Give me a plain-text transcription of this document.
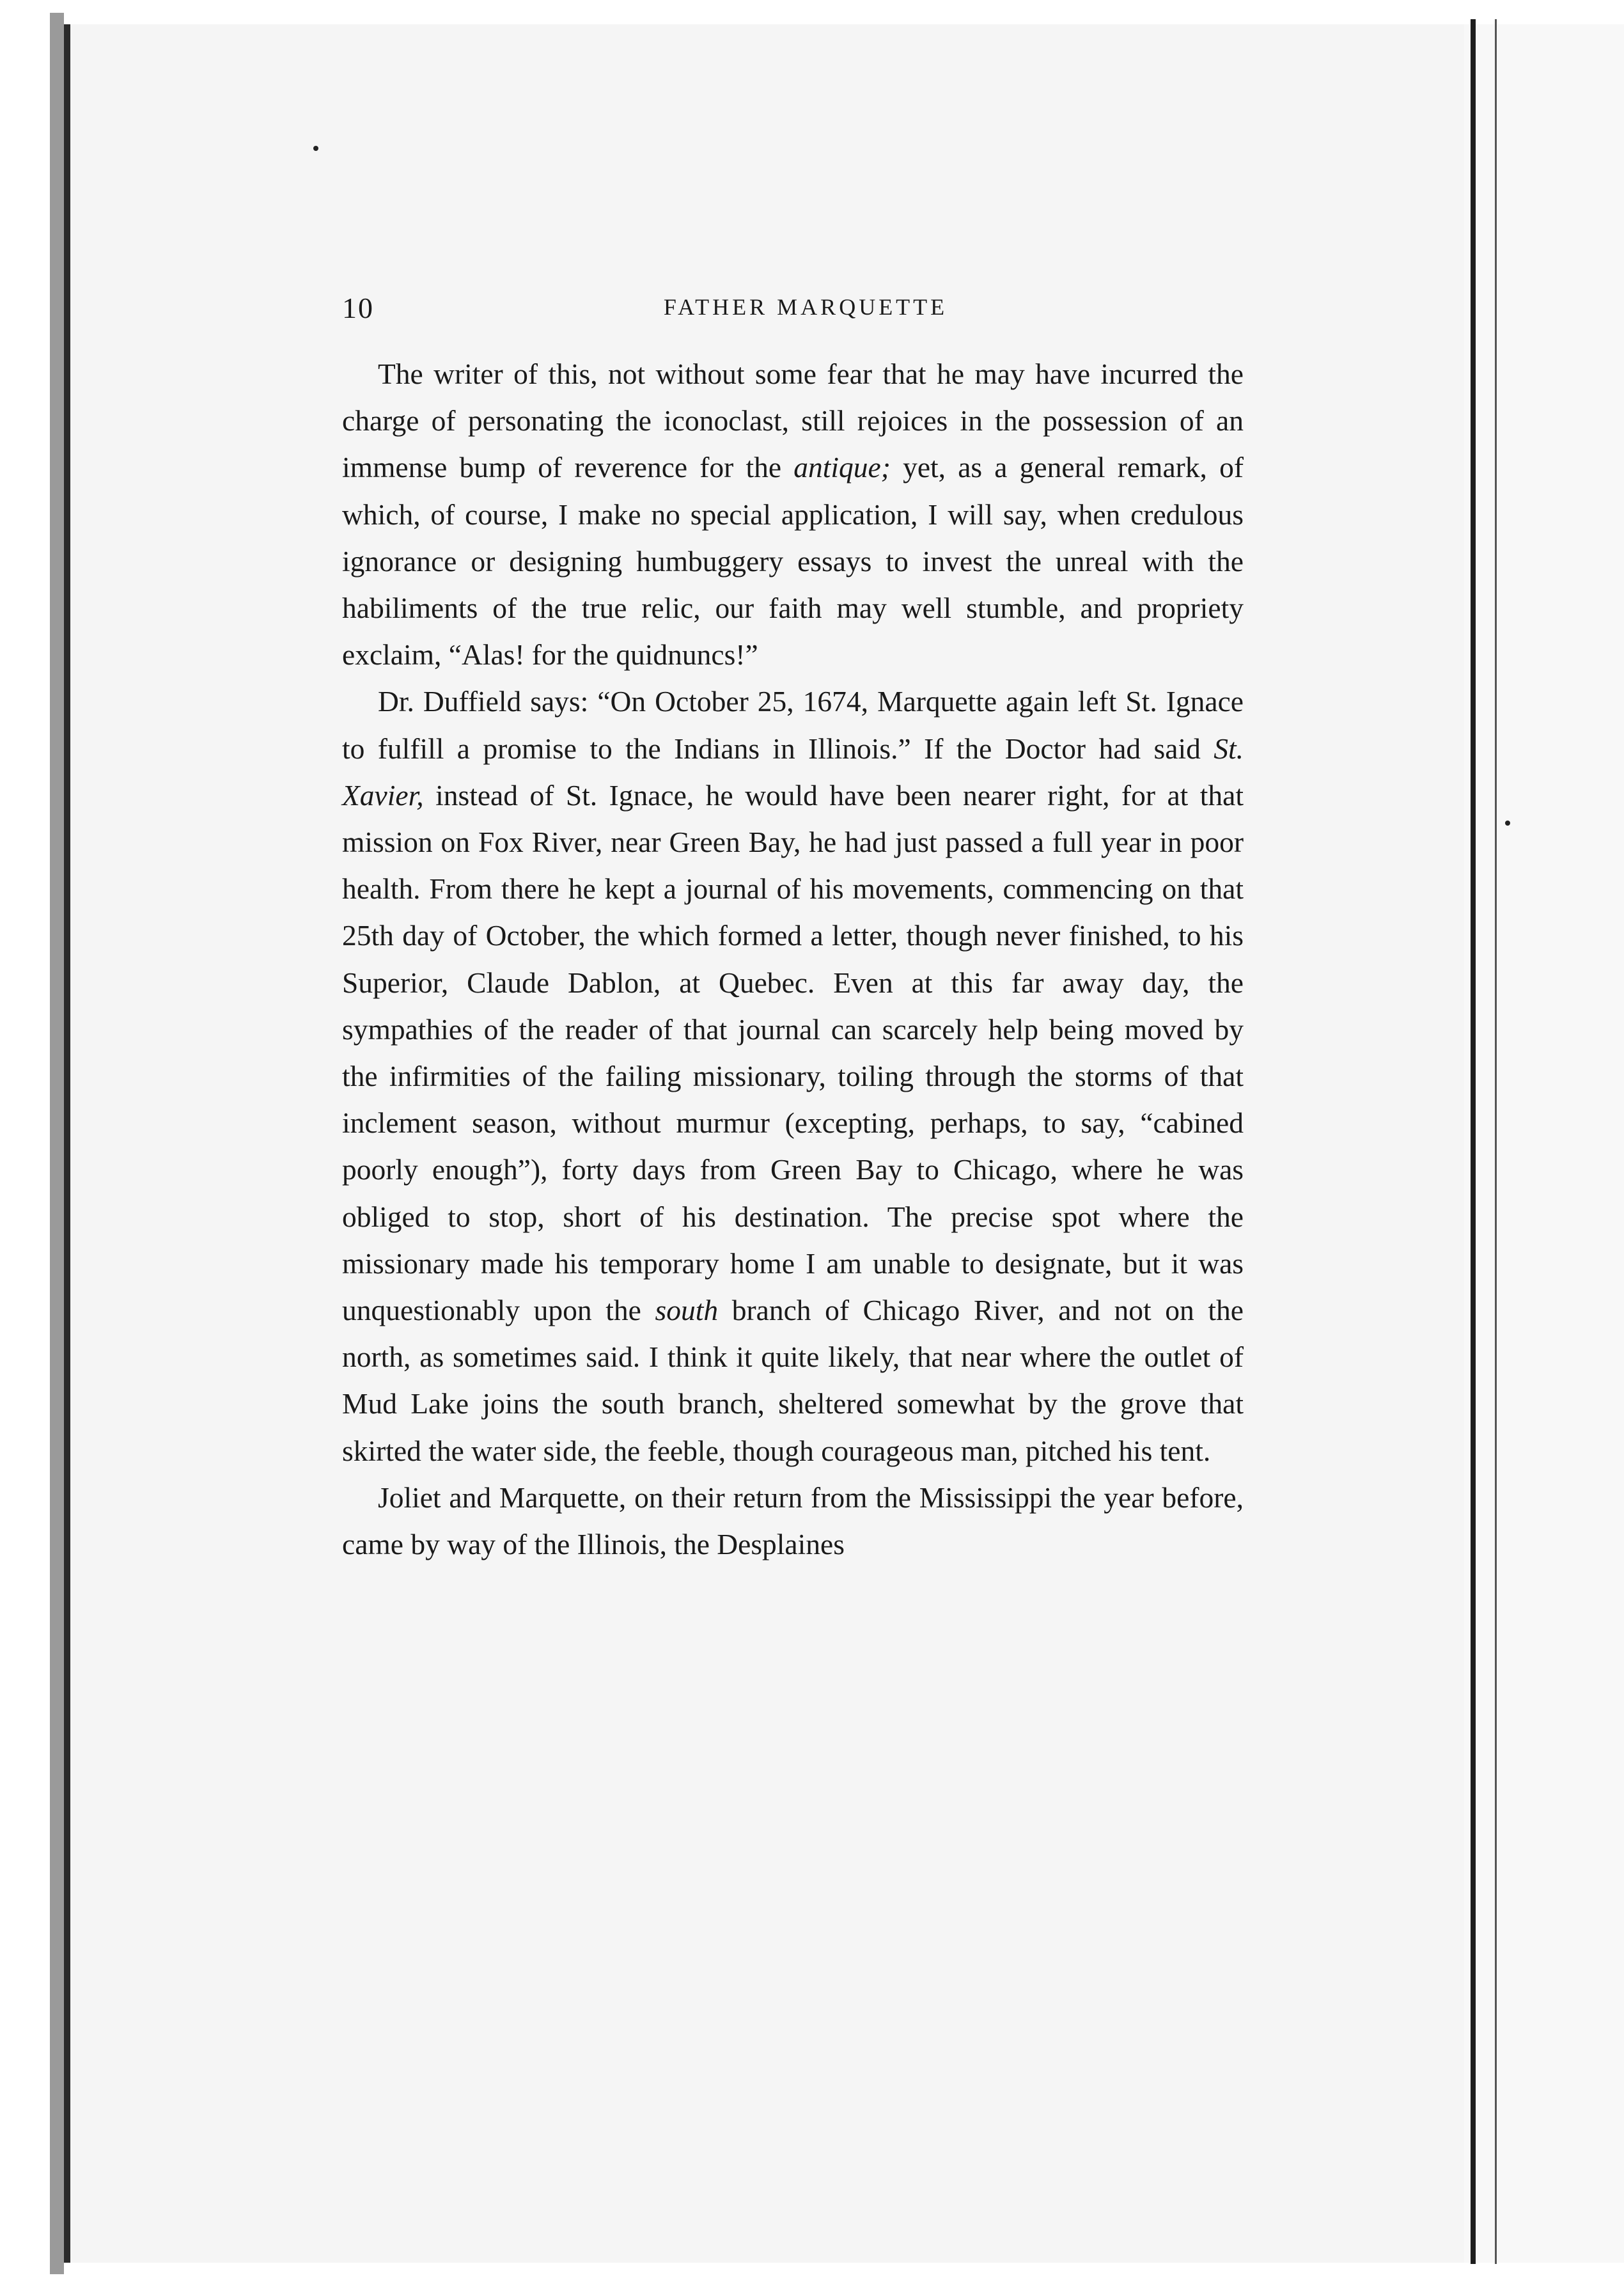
10	FATHER MARQUETTE

The writer of this, not without some fear that he may have incurred the charge of personating the iconoclast, still rejoices in the possession of an immense bump of reverence for the antique; yet, as a general remark, of which, of course, I make no special application, I will say, when credulous ignorance or designing humbuggery essays to invest the unreal with the habiliments of the true relic, our faith may well stumble, and propriety exclaim, “Alas! for the quidnuncs!”

Dr. Duffield says: “On October 25, 1674, Marquette again left St. Ignace to fulfill a promise to the Indians in Illinois.” If the Doctor had said St. Xavier, instead of St. Ignace, he would have been nearer right, for at that mission on Fox River, near Green Bay, he had just passed a full year in poor health. From there he kept a journal of his movements, commencing on that 25th day of October, the which formed a letter, though never finished, to his Superior, Claude Dablon, at Quebec. Even at this far away day, the sympathies of the reader of that journal can scarcely help being moved by the infirmities of the failing missionary, toiling through the storms of that inclement season, without murmur (excepting, perhaps, to say, “cabined poorly enough”), forty days from Green Bay to Chicago, where he was obliged to stop, short of his destination. The precise spot where the missionary made his temporary home I am unable to designate, but it was unquestionably upon the south branch of Chicago River, and not on the north, as sometimes said. I think it quite likely, that near where the outlet of Mud Lake joins the south branch, sheltered somewhat by the grove that skirted the water side, the feeble, though courageous man, pitched his tent.

Joliet and Marquette, on their return from the Mississippi the year before, came by way of the Illinois, the Desplaines
